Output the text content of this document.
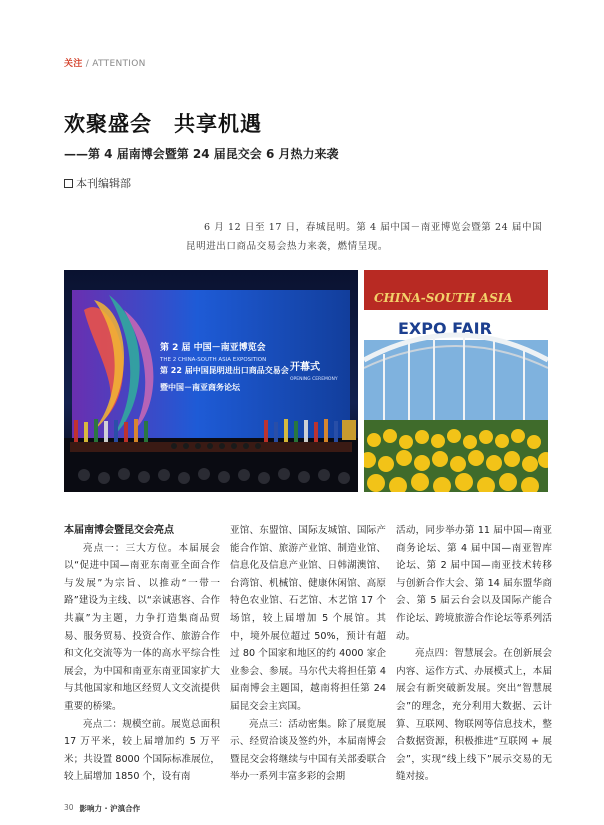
关注 / ATTENTION
欢聚盛会　共享机遇
——第 4 届南博会暨第 24 届昆交会 6 月热力来袭
本刊编辑部
6 月 12 日至 17 日，春城昆明。第 4 届中国－南亚博览会暨第 24 届中国昆明进出口商品交易会热力来袭，燃情呈现。
第 2 届 中国－南亚博览会
THE 2 CHINA-SOUTH ASIA EXPOSITION
第 22 届中国昆明进出口商品交易会
暨中国－南亚商务论坛
开幕式
OPENING CEREMONY
CHINA-SOUTH ASIA
EXPO FAIR
本届南博会暨昆交会亮点

亮点一：三大方位。本届展会以“促进中国—南亚东南亚全面合作与发展”为宗旨、以推动“一带一路”建设为主线、以“亲诚惠容、合作共赢”为主题，力争打造集商品贸易、服务贸易、投资合作、旅游合作和文化交流等为一体的高水平综合性展会，为中国和南亚东南亚国家扩大与其他国家和地区经贸人文交流提供重要的桥梁。

亮点二：规模空前。展览总面积 17 万平米，较上届增加约 5 万平米；共设置 8000 个国际标准展位，较上届增加 1850 个，设有南

亚馆、东盟馆、国际友城馆、国际产能合作馆、旅游产业馆、制造业馆、信息化及信息产业馆、日韩湖澳馆、台湾馆、机械馆、健康休闲馆、高原特色农业馆、石艺馆、木艺馆 17 个场馆，较上届增加 5 个展馆。其中，境外展位超过 50%，预计有超过 80 个国家和地区的约 4000 家企业参会、参展。马尔代夫将担任第 4 届南博会主题国，越南将担任第 24 届昆交会主宾国。

亮点三：活动密集。除了展览展示、经贸洽谈及签约外，本届南博会暨昆交会将继续与中国有关部委联合举办一系列丰富多彩的会期

活动，同步举办第 11 届中国—南亚商务论坛、第 4 届中国—南亚智库论坛、第 2 届中国—南亚技术转移与创新合作大会、第 14 届东盟华商会、第 5 届云台会以及国际产能合作论坛、跨境旅游合作论坛等系列活动。

亮点四：智慧展会。在创新展会内容、运作方式、办展模式上，本届展会有新突破新发展。突出“智慧展会”的理念，充分利用大数据、云计算、互联网、物联网等信息技术，整合数据资源，积极推进“互联网 + 展会”，实现“线上线下”展示交易的无缝对接。

30 影响力 · 沪滇合作
